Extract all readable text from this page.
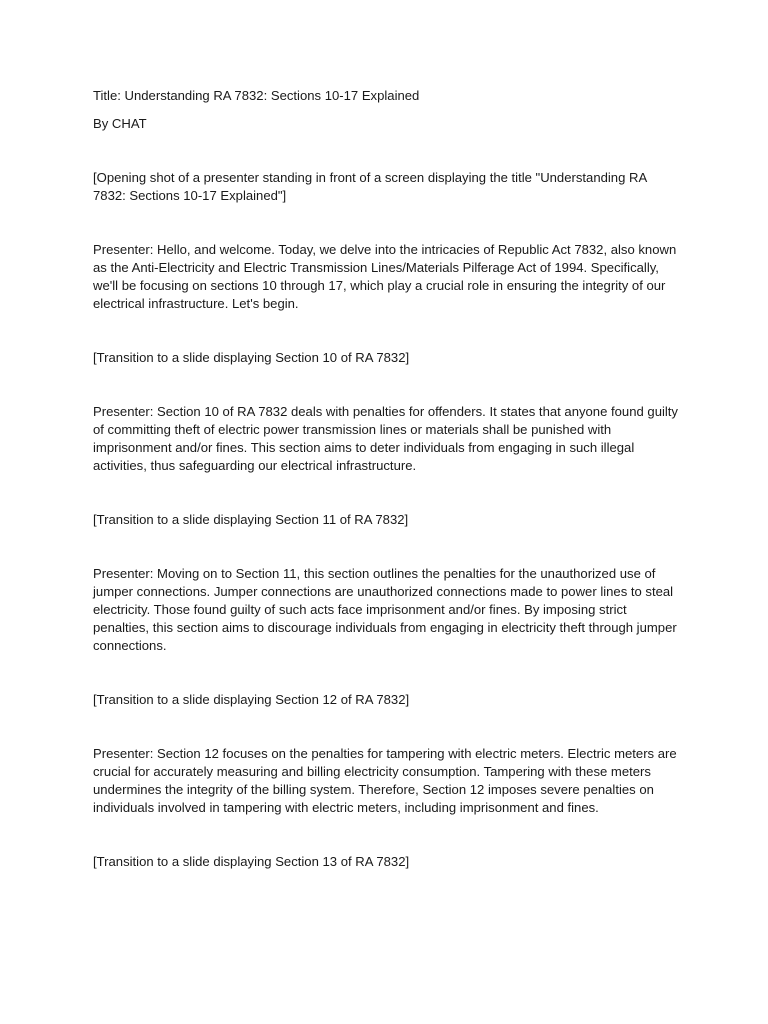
Title: Understanding RA 7832: Sections 10-17 Explained

By CHAT

[Opening shot of a presenter standing in front of a screen displaying the title "Understanding RA 7832: Sections 10-17 Explained"]

Presenter: Hello, and welcome. Today, we delve into the intricacies of Republic Act 7832, also known as the Anti-Electricity and Electric Transmission Lines/Materials Pilferage Act of 1994. Specifically, we'll be focusing on sections 10 through 17, which play a crucial role in ensuring the integrity of our electrical infrastructure. Let's begin.

[Transition to a slide displaying Section 10 of RA 7832]

Presenter: Section 10 of RA 7832 deals with penalties for offenders. It states that anyone found guilty of committing theft of electric power transmission lines or materials shall be punished with imprisonment and/or fines. This section aims to deter individuals from engaging in such illegal activities, thus safeguarding our electrical infrastructure.

[Transition to a slide displaying Section 11 of RA 7832]

Presenter: Moving on to Section 11, this section outlines the penalties for the unauthorized use of jumper connections. Jumper connections are unauthorized connections made to power lines to steal electricity. Those found guilty of such acts face imprisonment and/or fines. By imposing strict penalties, this section aims to discourage individuals from engaging in electricity theft through jumper connections.

[Transition to a slide displaying Section 12 of RA 7832]

Presenter: Section 12 focuses on the penalties for tampering with electric meters. Electric meters are crucial for accurately measuring and billing electricity consumption. Tampering with these meters undermines the integrity of the billing system. Therefore, Section 12 imposes severe penalties on individuals involved in tampering with electric meters, including imprisonment and fines.

[Transition to a slide displaying Section 13 of RA 7832]
